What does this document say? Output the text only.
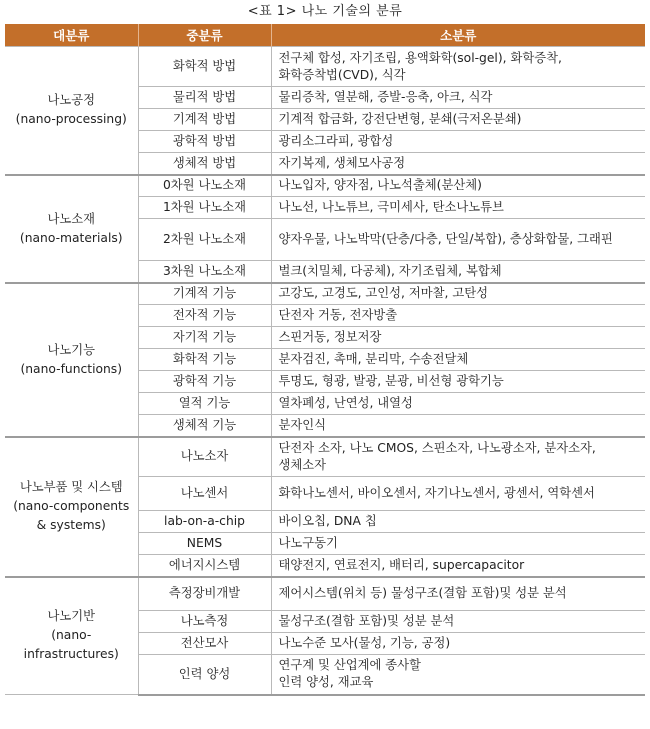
<표 1> 나노 기술의 분류
대분류	중분류	소분류

나노공정
(nano-processing)	화학적 방법	전구체 합성, 자기조립, 용액화학(sol-gel), 화학증착,
화학증착법(CVD), 식각

	물리적 방법	물리증착, 열분해, 증발-응축, 아크, 식각

	기계적 방법	기계적 합금화, 강전단변형, 분쇄(극저온분쇄)

	광학적 방법	광리소그라피, 광합성

	생체적 방법	자기복제, 생체모사공정

나노소재
(nano-materials)	0차원 나노소재	나노입자, 양자점, 나노석출체(분산체)

	1차원 나노소재	나노선, 나노튜브, 극미세사, 탄소나노튜브

	2차원 나노소재	양자우물, 나노박막(단층/다층, 단일/복합), 층상화합물, 그래핀

	3차원 나노소재	벌크(치밀체, 다공체), 자기조립체, 복합체

나노기능
(nano-functions)	기계적 기능	고강도, 고경도, 고인성, 저마찰, 고탄성

	전자적 기능	단전자 거동, 전자방출

	자기적 기능	스핀거동, 정보저장

	화학적 기능	분자검진, 촉매, 분리막, 수송전달체

	광학적 기능	투명도, 형광, 발광, 분광, 비선형 광학기능

	열적 기능	열차폐성, 난연성, 내열성

	생체적 기능	분자인식

나노부품 및 시스템
(nano-components & systems)	나노소자	단전자 소자, 나노 CMOS, 스핀소자, 나노광소자, 분자소자,
생체소자

	나노센서	화학나노센서, 바이오센서, 자기나노센서, 광센서, 역학센서

	lab-on-a-chip	바이오칩, DNA 칩

	NEMS	나노구동기

	에너지시스템	태양전지, 연료전지, 배터리, supercapacitor

나노기반
(nano-infrastructures)	측정장비개발	제어시스템(위치 등) 물성구조(결함 포함)및 성분 분석

	나노측정	물성구조(결함 포함)및 성분 분석

	전산모사	나노수준 모사(물성, 기능, 공정)

	인력 양성	연구계 및 산업계에 종사할
인력 양성, 재교육
